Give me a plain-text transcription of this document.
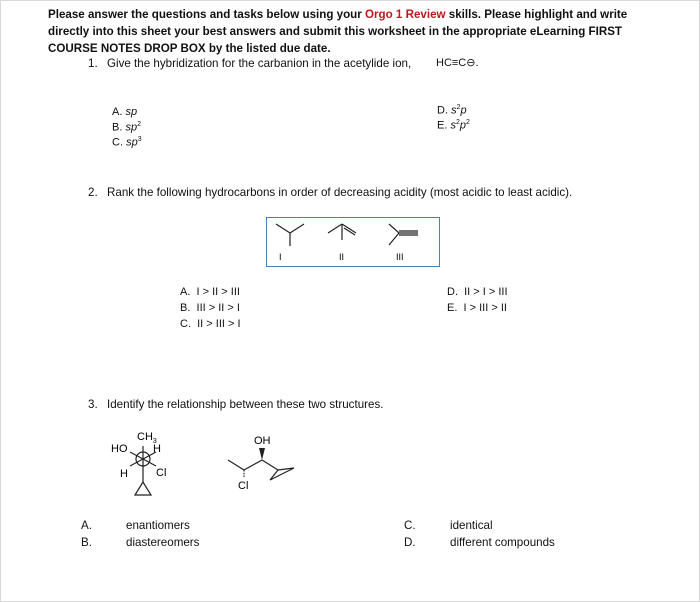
Please answer the questions and tasks below using your Orgo 1 Review skills. Please highlight and write directly into this sheet your best answers and submit this worksheet in the appropriate eLearning FIRST COURSE NOTES DROP BOX by the listed due date.
1. Give the hybridization for the carbanion in the acetylide ion, HC≡C⊖.
A. sp
B. $sp^2$
C. $sp^3$
D. $s^2p$
E. $s^2p^2$
2. Rank the following hydrocarbons in order of decreasing acidity (most acidic to least acidic).
I	II	III
A. I > II > III
B. III > II > I
C. II > III > I
D. II > I > III
E. I > III > II
3. Identify the relationship between these two structures.
$CH_3$
HO H
H	Cl
OH
Cl
A.	enantiomers
B.	diastereomers
C.	identical
D.	different compounds
